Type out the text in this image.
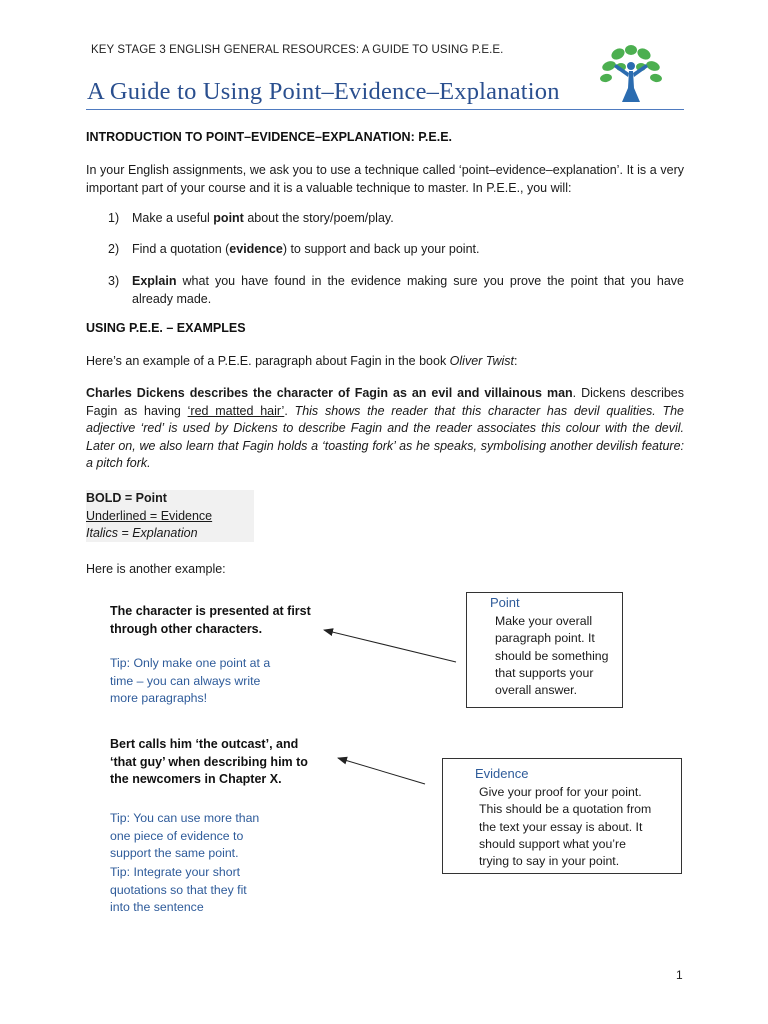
KEY STAGE 3 ENGLISH GENERAL RESOURCES: A GUIDE TO USING P.E.E.
A Guide to Using Point–Evidence–Explanation
INTRODUCTION TO POINT–EVIDENCE–EXPLANATION: P.E.E.
In your English assignments, we ask you to use a technique called ‘point–evidence–explanation’. It is a very important part of your course and it is a valuable technique to master. In P.E.E., you will:
1) Make a useful point about the story/poem/play.
2) Find a quotation (evidence) to support and back up your point.
3) Explain what you have found in the evidence making sure you prove the point that you have already made.
USING P.E.E. – EXAMPLES
Here’s an example of a P.E.E. paragraph about Fagin in the book Oliver Twist:
Charles Dickens describes the character of Fagin as an evil and villainous man. Dickens describes Fagin as having ‘red matted hair’. This shows the reader that this character has devil qualities. The adjective ‘red’ is used by Dickens to describe Fagin and the reader associates this colour with the devil. Later on, we also learn that Fagin holds a ‘toasting fork’ as he speaks, symbolising another devilish feature: a pitch fork.
BOLD = Point
Underlined = Evidence
Italics = Explanation
Here is another example:
The character is presented at first
through other characters.
Tip: Only make one point at a
time – you can always write
more paragraphs!
Bert calls him ‘the outcast’, and
‘that guy’ when describing him to
the newcomers in Chapter X.
Tip: You can use more than
one piece of evidence to
support the same point.
Tip: Integrate your short
quotations so that they fit
into the sentence
Point
Make your overall
paragraph point. It
should be something
that supports your
overall answer.
Evidence
Give your proof for your point.
This should be a quotation from
the text your essay is about. It
should support what you’re
trying to say in your point.
1
